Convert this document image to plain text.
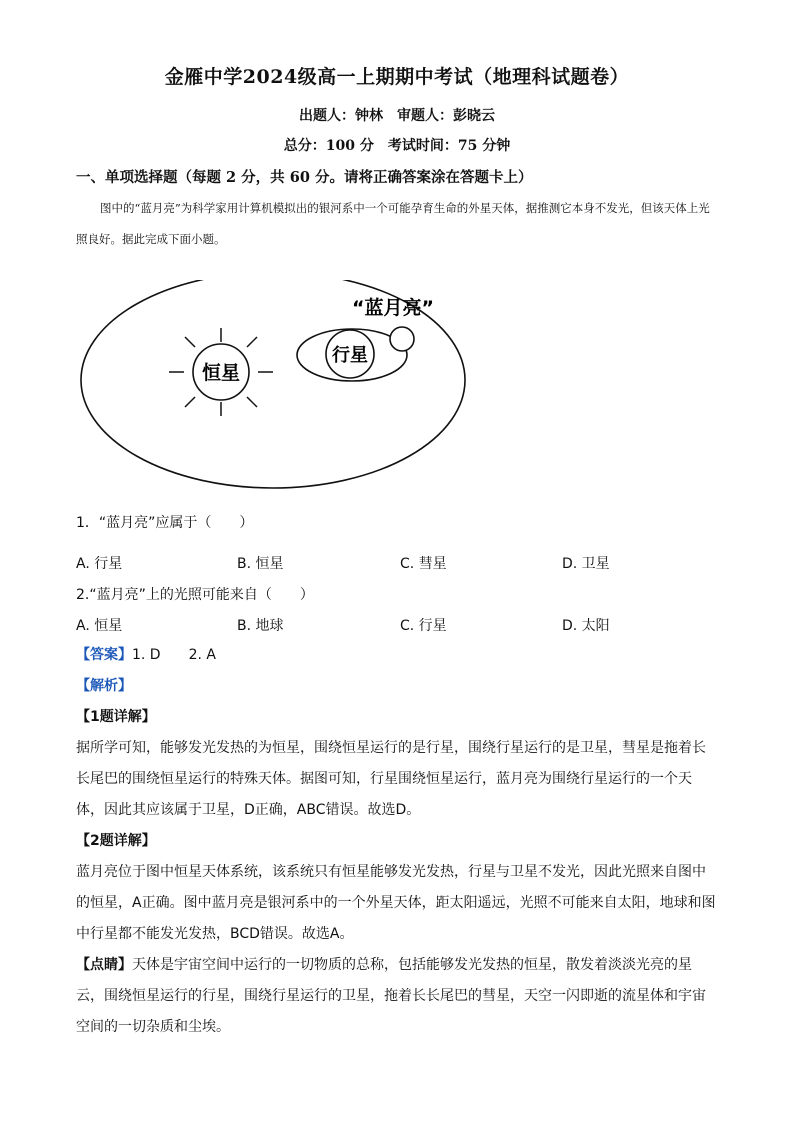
金雁中学2024级高一上期期中考试（地理科试题卷）
出题人：钟林　审题人：彭晓云
总分：100 分　考试时间：75 分钟
一、单项选择题（每题 2 分，共 60 分。请将正确答案涂在答题卡上）
图中的“蓝月亮”为科学家用计算机模拟出的银河系中一个可能孕育生命的外星天体，据推测它本身不发光，但该天体上光照良好。据此完成下面小题。
恒星
行星
“蓝月亮”
1．“蓝月亮”应属于（　　）
A. 行星	B. 恒星	C. 彗星	D. 卫星
2.“蓝月亮”上的光照可能来自（　　）
A. 恒星	B. 地球	C. 行星	D. 太阳
【答案】1. D　　2. A
【解析】
【1题详解】
据所学可知，能够发光发热的为恒星，围绕恒星运行的是行星，围绕行星运行的是卫星，彗星是拖着长长尾巴的围绕恒星运行的特殊天体。据图可知，行星围绕恒星运行，蓝月亮为围绕行星运行的一个天体，因此其应该属于卫星，D正确，ABC错误。故选D。
【2题详解】
蓝月亮位于图中恒星天体系统，该系统只有恒星能够发光发热，行星与卫星不发光，因此光照来自图中的恒星，A正确。图中蓝月亮是银河系中的一个外星天体，距太阳遥远，光照不可能来自太阳，地球和图中行星都不能发光发热，BCD错误。故选A。
【点睛】天体是宇宙空间中运行的一切物质的总称，包括能够发光发热的恒星，散发着淡淡光亮的星云，围绕恒星运行的行星，围绕行星运行的卫星，拖着长长尾巴的彗星，天空一闪即逝的流星体和宇宙空间的一切杂质和尘埃。
